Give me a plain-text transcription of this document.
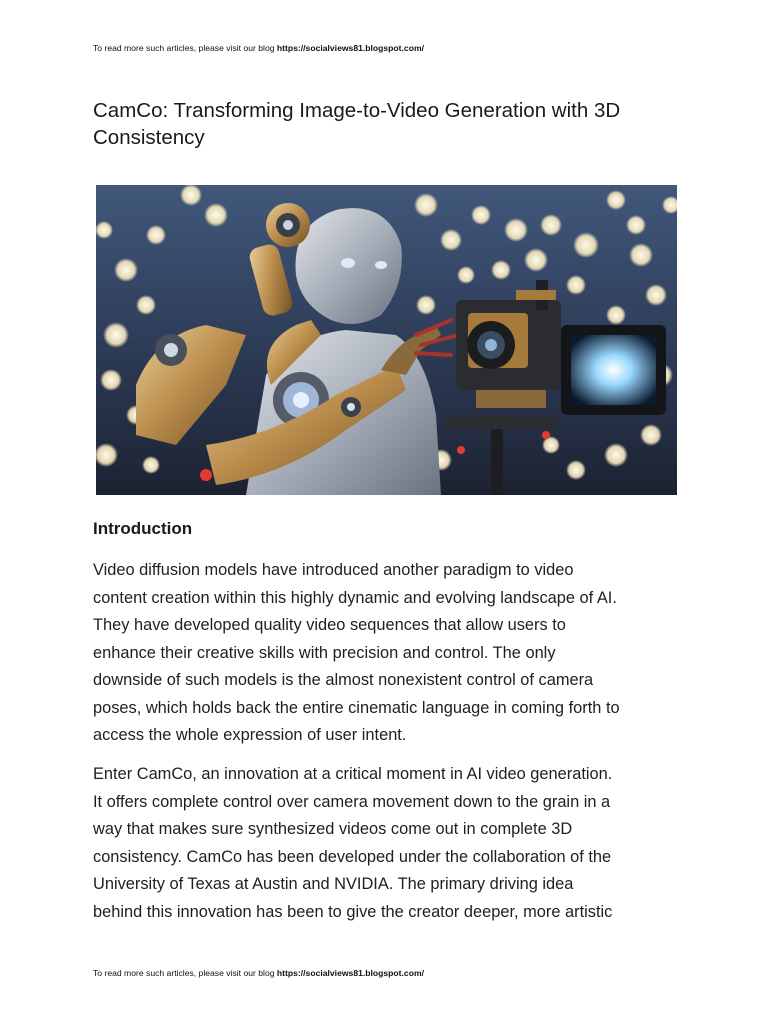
To read more such articles, please visit our blog https://socialviews81.blogspot.com/
CamCo: Transforming Image-to-Video Generation with 3D Consistency
Introduction

Video diffusion models have introduced another paradigm to video
content creation within this highly dynamic and evolving landscape of AI.
They have developed quality video sequences that allow users to
enhance their creative skills with precision and control. The only
downside of such models is the almost nonexistent control of camera
poses, which holds back the entire cinematic language in coming forth to
access the whole expression of user intent.

Enter CamCo, an innovation at a critical moment in AI video generation.
It offers complete control over camera movement down to the grain in a
way that makes sure synthesized videos come out in complete 3D
consistency. CamCo has been developed under the collaboration of the
University of Texas at Austin and NVIDIA. The primary driving idea
behind this innovation has been to give the creator deeper, more artistic

To read more such articles, please visit our blog https://socialviews81.blogspot.com/
